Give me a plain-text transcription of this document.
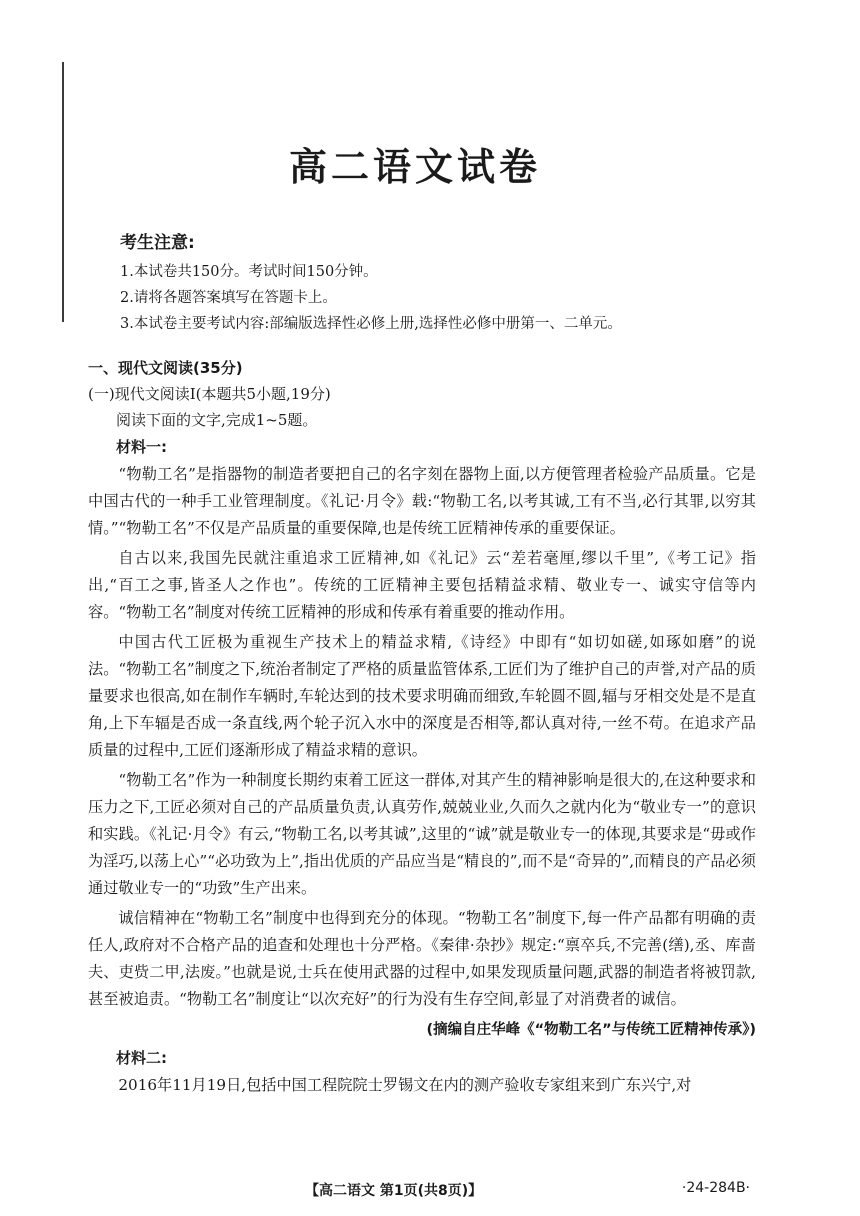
高二语文试卷
考生注意:
1.本试卷共150分。考试时间150分钟。
2.请将各题答案填写在答题卡上。
3.本试卷主要考试内容:部编版选择性必修上册,选择性必修中册第一、二单元。
一、现代文阅读(35分)
(一)现代文阅读Ⅰ(本题共5小题,19分)
阅读下面的文字,完成1~5题。
材料一:

“物勒工名”是指器物的制造者要把自己的名字刻在器物上面,以方便管理者检验产品质量。它是中国古代的一种手工业管理制度。《礼记·月令》载:“物勒工名,以考其诚,工有不当,必行其罪,以穷其情。”“物勒工名”不仅是产品质量的重要保障,也是传统工匠精神传承的重要保证。

自古以来,我国先民就注重追求工匠精神,如《礼记》云“差若毫厘,缪以千里”,《考工记》指出,“百工之事,皆圣人之作也”。传统的工匠精神主要包括精益求精、敬业专一、诚实守信等内容。“物勒工名”制度对传统工匠精神的形成和传承有着重要的推动作用。

中国古代工匠极为重视生产技术上的精益求精,《诗经》中即有“如切如磋,如琢如磨”的说法。“物勒工名”制度之下,统治者制定了严格的质量监管体系,工匠们为了维护自己的声誉,对产品的质量要求也很高,如在制作车辆时,车轮达到的技术要求明确而细致,车轮圆不圆,辐与牙相交处是不是直角,上下车辐是否成一条直线,两个轮子沉入水中的深度是否相等,都认真对待,一丝不苟。在追求产品质量的过程中,工匠们逐渐形成了精益求精的意识。

“物勒工名”作为一种制度长期约束着工匠这一群体,对其产生的精神影响是很大的,在这种要求和压力之下,工匠必须对自己的产品质量负责,认真劳作,兢兢业业,久而久之就内化为“敬业专一”的意识和实践。《礼记·月令》有云,“物勒工名,以考其诚”,这里的“诚”就是敬业专一的体现,其要求是“毋或作为淫巧,以荡上心”“必功致为上”,指出优质的产品应当是“精良的”,而不是“奇异的”,而精良的产品必须通过敬业专一的“功致”生产出来。

诚信精神在“物勒工名”制度中也得到充分的体现。“物勒工名”制度下,每一件产品都有明确的责任人,政府对不合格产品的追查和处理也十分严格。《秦律·杂抄》规定:“禀卒兵,不完善(缮),丞、库啬夫、吏赀二甲,法废。”也就是说,士兵在使用武器的过程中,如果发现质量问题,武器的制造者将被罚款,甚至被追责。“物勒工名”制度让“以次充好”的行为没有生存空间,彰显了对消费者的诚信。

(摘编自庄华峰《“物勒工名”与传统工匠精神传承》)
材料二:

2016年11月19日,包括中国工程院院士罗锡文在内的测产验收专家组来到广东兴宁,对

【高二语文 第1页(共8页)】	·24-284B·
